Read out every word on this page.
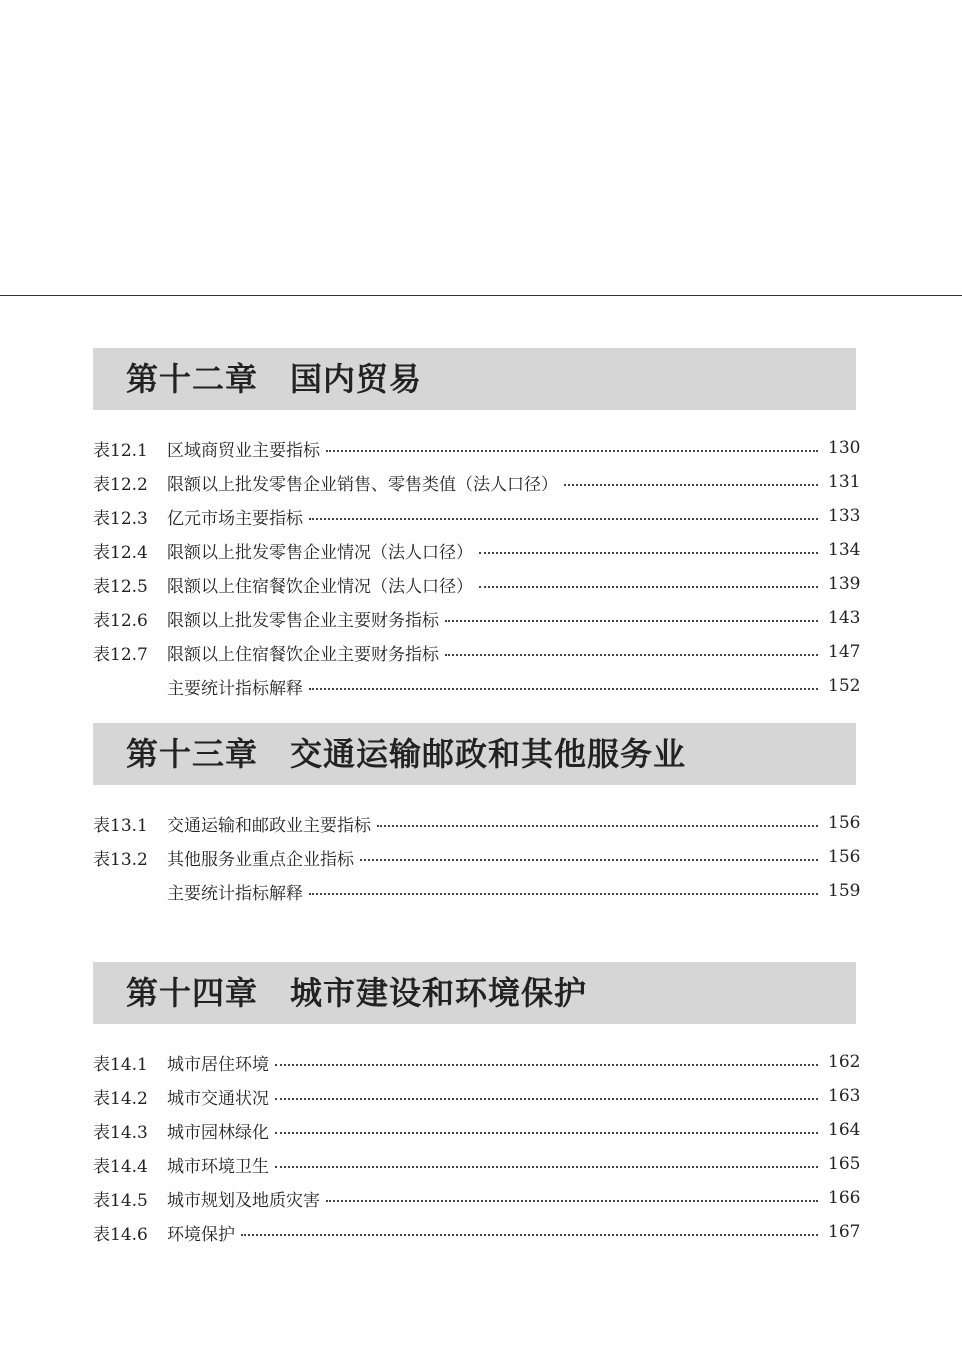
第十二章 国内贸易
表12.1	区域商贸业主要指标	130
表12.2	限额以上批发零售企业销售、零售类值（法人口径）	131
表12.3	亿元市场主要指标	133
表12.4	限额以上批发零售企业情况（法人口径）	134
表12.5	限额以上住宿餐饮企业情况（法人口径）	139
表12.6	限额以上批发零售企业主要财务指标	143
表12.7	限额以上住宿餐饮企业主要财务指标	147
主要统计指标解释	152
第十三章 交通运输邮政和其他服务业
表13.1	交通运输和邮政业主要指标	156
表13.2	其他服务业重点企业指标	156
主要统计指标解释	159
第十四章 城市建设和环境保护
表14.1	城市居住环境	162
表14.2	城市交通状况	163
表14.3	城市园林绿化	164
表14.4	城市环境卫生	165
表14.5	城市规划及地质灾害	166
表14.6	环境保护	167
